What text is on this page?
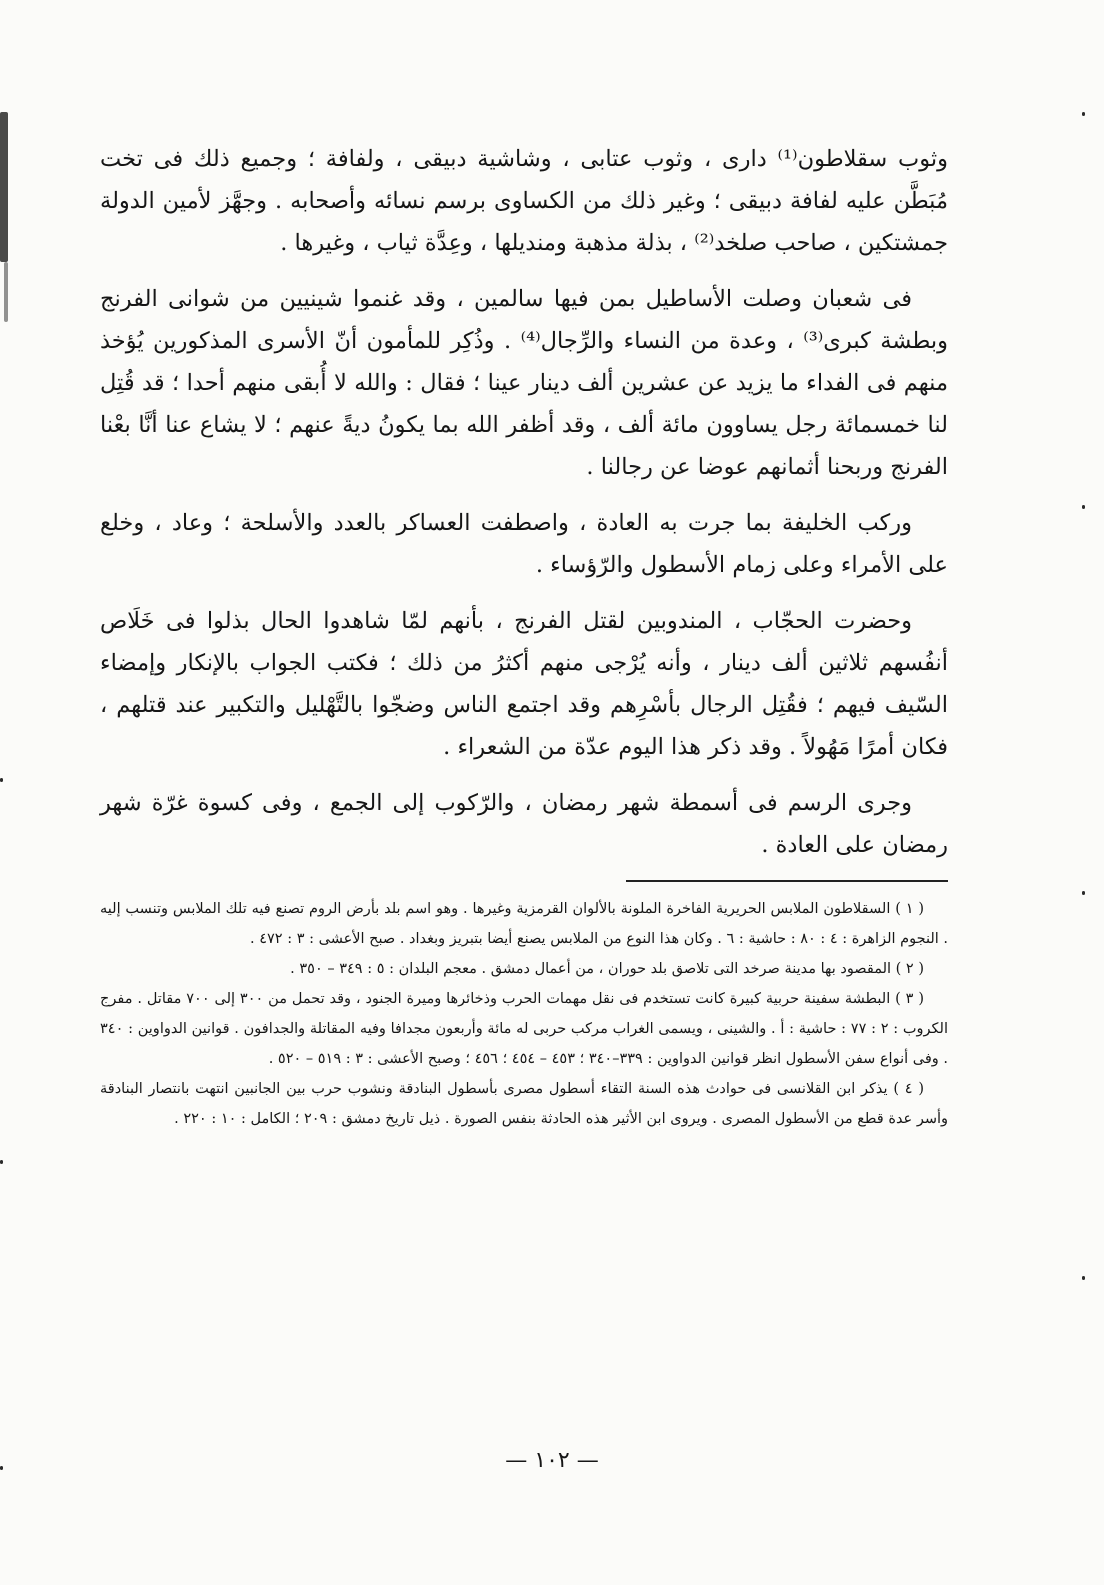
وثوب سقلاطون⁽¹⁾ دارى ، وثوب عتابى ، وشاشية دبيقى ، ولفافة ؛ وجميع ذلك فى تخت مُبَطَّن عليه لفافة دبيقى ؛ وغير ذلك من الكساوى برسم نسائه وأصحابه . وجهَّز لأمين الدولة جمشتكين ، صاحب صلخد⁽²⁾ ، بذلة مذهبة ومنديلها ، وعِدَّة ثياب ، وغيرها .

فى شعبان وصلت الأساطيل بمن فيها سالمين ، وقد غنموا شينيين من شوانى الفرنج وبطشة كبرى⁽³⁾ ، وعدة من النساء والرِّجال⁽⁴⁾ . وذُكِر للمأمون أنّ الأسرى المذكورين يُؤخذ منهم فى الفداء ما يزيد عن عشرين ألف دينار عينا ؛ فقال : والله لا أُبقى منهم أحدا ؛ قد قُتِل لنا خمسمائة رجل يساوون مائة ألف ، وقد أظفر الله بما يكونُ ديةً عنهم ؛ لا يشاع عنا أنَّا بعْنا الفرنج وربحنا أثمانهم عوضا عن رجالنا .

وركب الخليفة بما جرت به العادة ، واصطفت العساكر بالعدد والأسلحة ؛ وعاد ، وخلع على الأمراء وعلى زمام الأسطول والرّؤساء .

وحضرت الحجّاب ، المندوبين لقتل الفرنج ، بأنهم لمّا شاهدوا الحال بذلوا فى خَلَاص أنفُسهم ثلاثين ألف دينار ، وأنه يُرْجى منهم أكثرُ من ذلك ؛ فكتب الجواب بالإنكار وإمضاء السّيف فيهم ؛ فقُتِل الرجال بأسْرِهم وقد اجتمع الناس وضجّوا بالتَّهْليل والتكبير عند قتلهم ، فكان أمرًا مَهُولاً . وقد ذكر هذا اليوم عدّة من الشعراء .

وجرى الرسم فى أسمطة شهر رمضان ، والرّكوب إلى الجمع ، وفى كسوة غرّة شهر رمضان على العادة .

( ١ ) السقلاطون الملابس الحريرية الفاخرة الملونة بالألوان القرمزية وغيرها . وهو اسم بلد بأرض الروم تصنع فيه تلك الملابس وتنسب إليه . النجوم الزاهرة : ٤ : ٨٠ : حاشية : ٦ . وكان هذا النوع من الملابس يصنع أيضا بتبريز وبغداد . صبح الأعشى : ٣ : ٤٧٢ .

( ٢ ) المقصود بها مدينة صرخد التى تلاصق بلد حوران ، من أعمال دمشق . معجم البلدان : ٥ : ٣٤٩ – ٣٥٠ .

( ٣ ) البطشة سفينة حربية كبيرة كانت تستخدم فى نقل مهمات الحرب وذخائرها وميرة الجنود ، وقد تحمل من ٣٠٠ إلى ٧٠٠ مقاتل . مفرج الكروب : ٢ : ٧٧ : حاشية : أ . والشينى ، ويسمى الغراب مركب حربى له مائة وأربعون مجدافا وفيه المقاتلة والجدافون . قوانين الدواوين : ٣٤٠ . وفى أنواع سفن الأسطول انظر قوانين الدواوين : ٣٣٩–٣٤٠ ؛ ٤٥٣ – ٤٥٤ ؛ ٤٥٦ ؛ وصبح الأعشى : ٣ : ٥١٩ – ٥٢٠ .

( ٤ ) يذكر ابن القلانسى فى حوادث هذه السنة التقاء أسطول مصرى بأسطول البنادقة ونشوب حرب بين الجانبين انتهت بانتصار البنادقة وأسر عدة قطع من الأسطول المصرى . ويروى ابن الأثير هذه الحادثة بنفس الصورة . ذيل تاريخ دمشق : ٢٠٩ ؛ الكامل : ١٠ : ٢٢٠ .

— ١٠٢ —
